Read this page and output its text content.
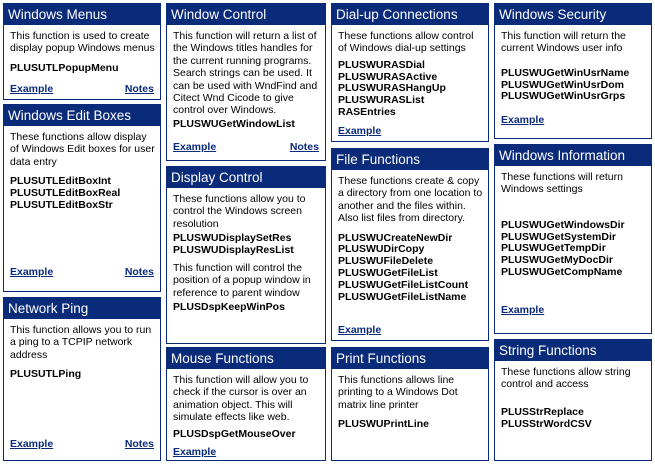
Windows Menus
This function is used to create display popup Windows menus
PLUSUTLPopupMenu
Example	Notes
Windows Edit Boxes
These functions allow display of Windows Edit boxes for user data entry
PLUSUTLEditBoxInt
PLUSUTLEditBoxReal
PLUSUTLEditBoxStr
Example	Notes
Network Ping
This function allows you to run a ping to a TCPIP network address
PLUSUTLPing
Example	Notes
Window Control
This function will return a list of the Windows titles handles for the current running programs. Search strings can be used. It can be used with WndFind and Citect Wnd Cicode to give control over Windows.
PLUSWUGetWindowList
Example	Notes
Display Control
These functions allow you to control the Windows screen resolution
PLUSWUDisplaySetRes
PLUSWUDisplayResList
This function will control the position of a popup window in reference to parent window
PLUSDspKeepWinPos
Mouse Functions
This function will allow you to check if the cursor is over an animation object. This will simulate effects like web.
PLUSDspGetMouseOver
Example
Dial-up Connections
These functions allow control of Windows dial-up settings
PLUSWURASDial
PLUSWURASActive
PLUSWURASHangUp
PLUSWURASList
RASEntries
Example
File Functions
These functions create & copy a directory from one location to another and the files within. Also list files from directory.
PLUSWUCreateNewDir
PLUSWUDirCopy
PLUSWUFileDelete
PLUSWUGetFileList
PLUSWUGetFileListCount
PLUSWUGetFileListName
Example
Print Functions
This functions allows line printing to a Windows Dot matrix line printer
PLUSWUPrintLine
Windows Security
This function will return the current Windows user info
PLUSWUGetWinUsrName
PLUSWUGetWinUsrDom
PLUSWUGetWinUsrGrps
Example
Windows Information
These functions will return Windows settings
PLUSWUGetWindowsDir
PLUSWUGetSystemDir
PLUSWUGetTempDir
PLUSWUGetMyDocDir
PLUSWUGetCompName
Example
String Functions
These functions allow string control and access
PLUSStrReplace
PLUSStrWordCSV
